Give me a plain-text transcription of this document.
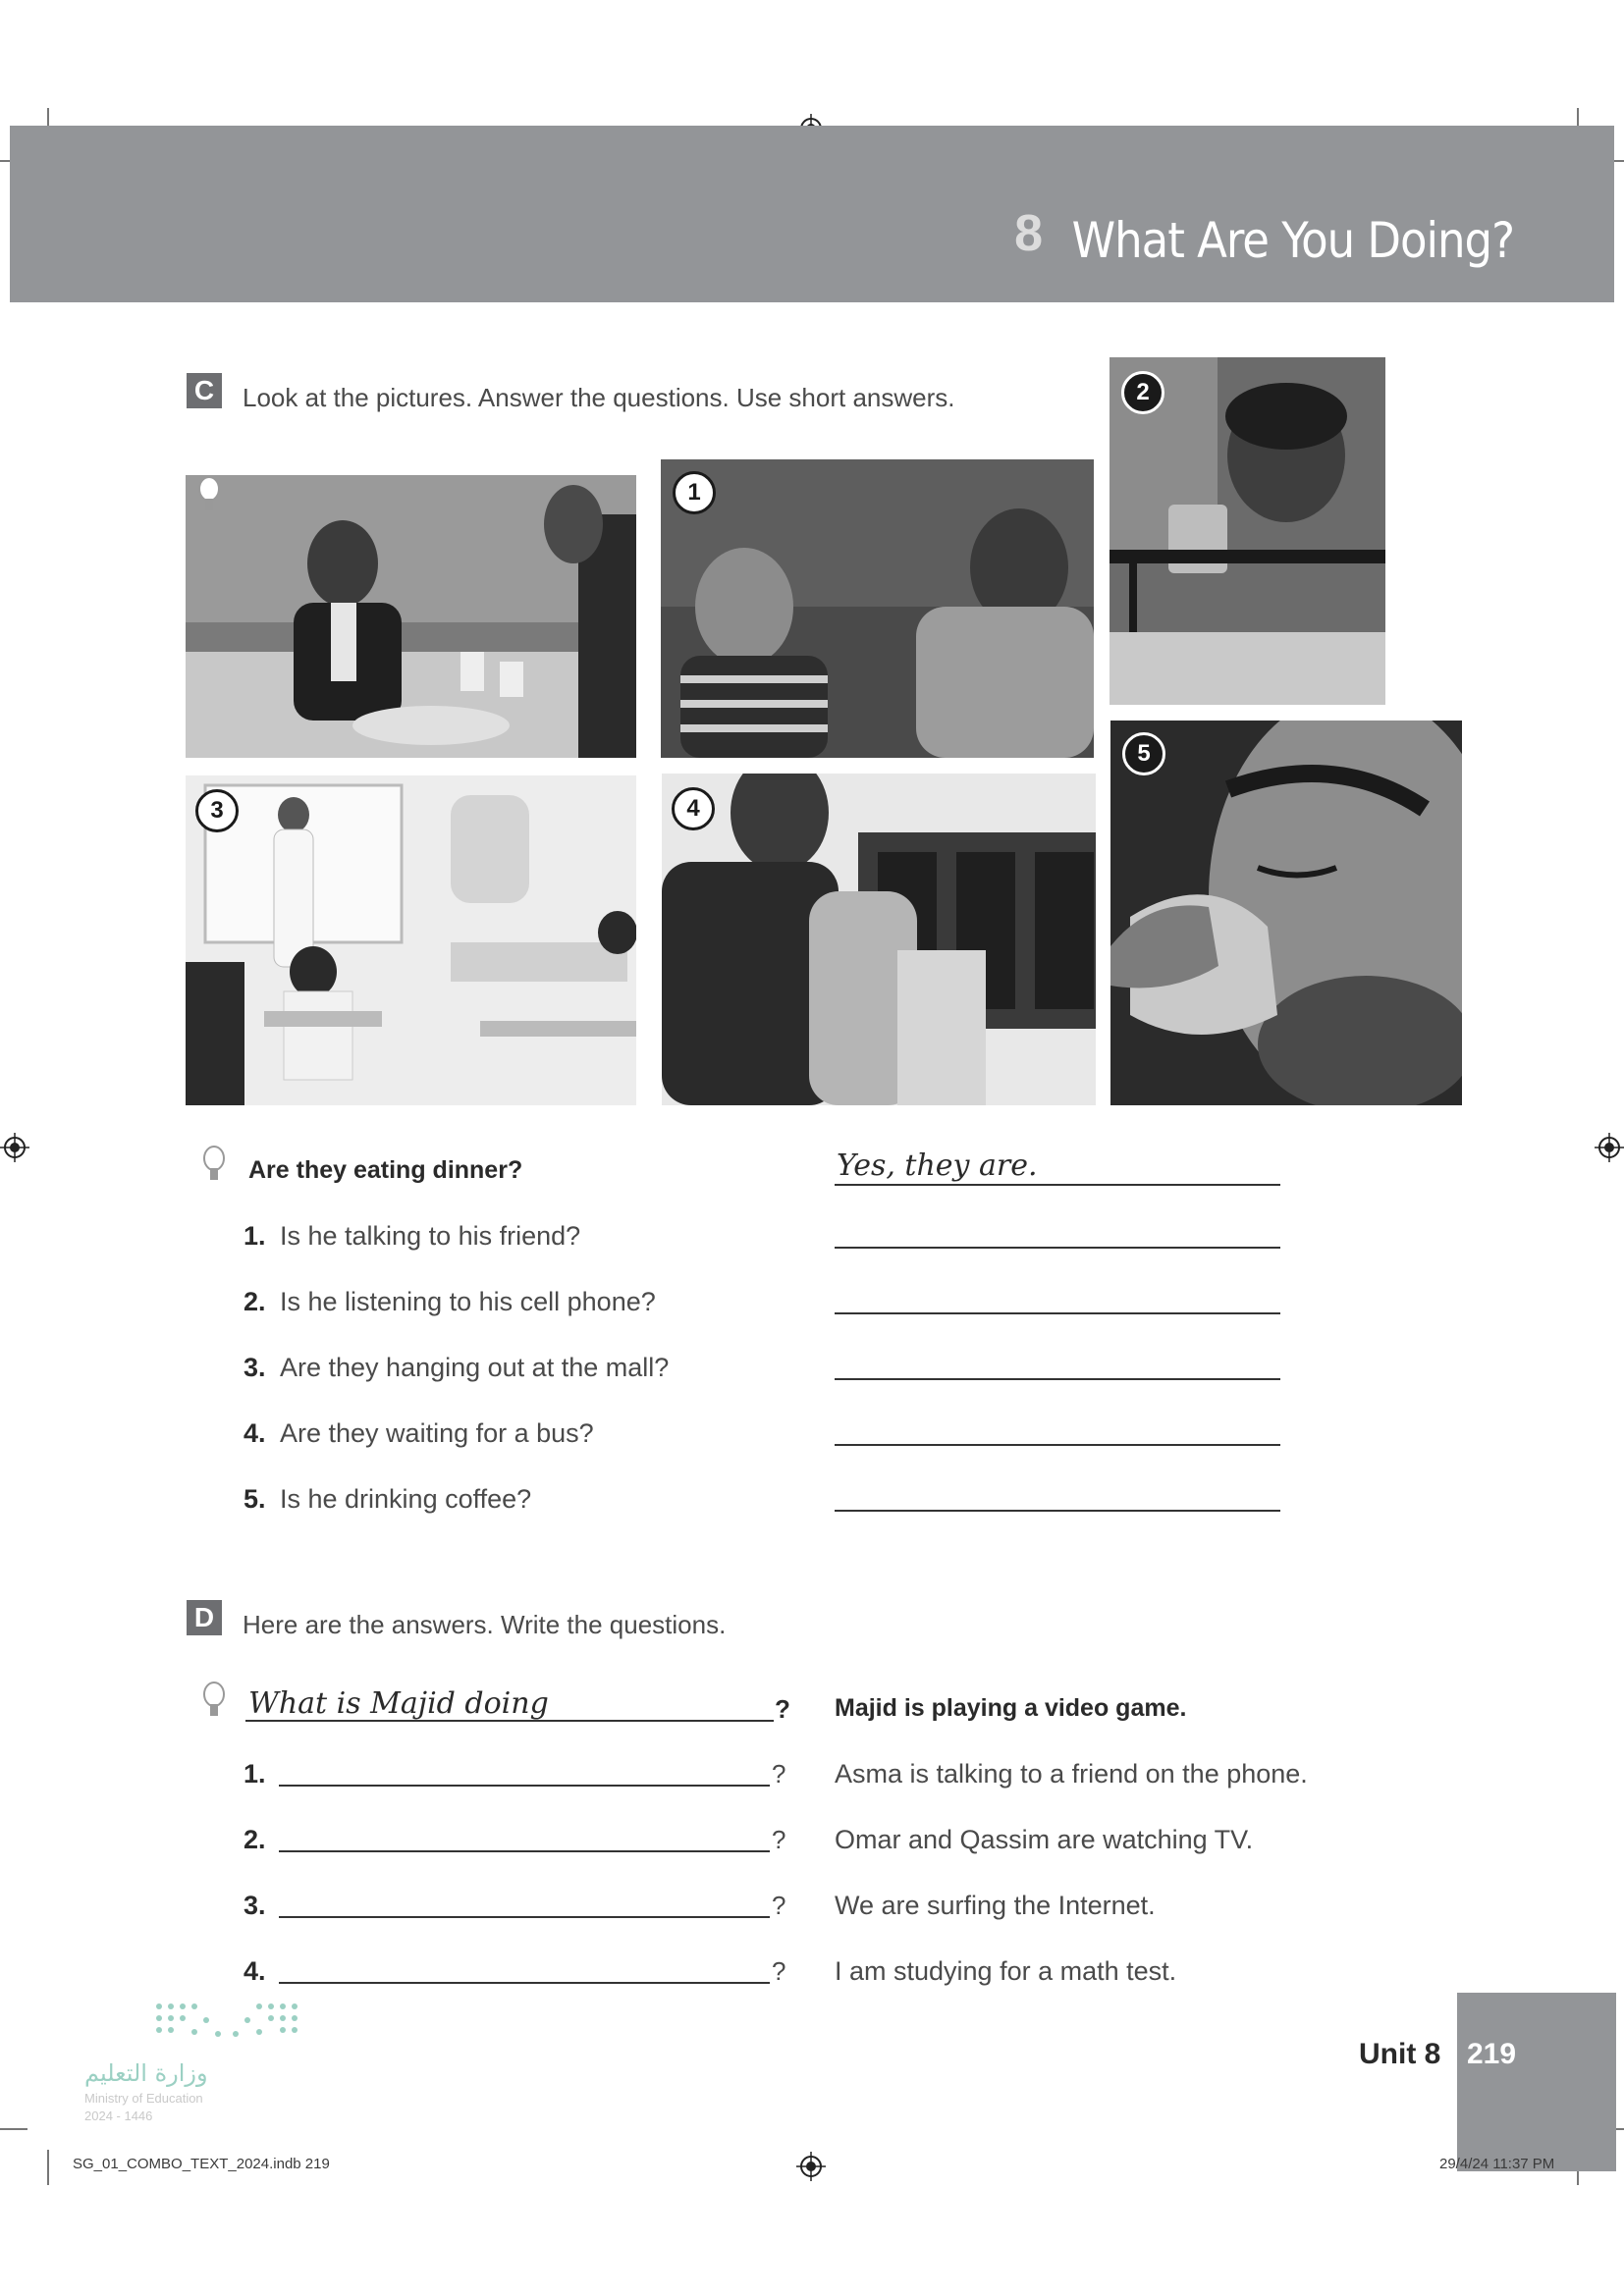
8 What Are You Doing?
C	Look at the pictures. Answer the questions. Use short answers.
1
2
3	4
5
Are they eating dinner?	Yes, they are.
1. Is he talking to his friend?
2. Is he listening to his cell phone?
3. Are they hanging out at the mall?
4. Are they waiting for a bus?
5. Is he drinking coffee?
D	Here are the answers. Write the questions.
What is Majid doing	? Majid is playing a video game.
1.	? Asma is talking to a friend on the phone.
2.	? Omar and Qassim are watching TV.
3.	? We are surfing the Internet.
4.	? I am studying for a math test.
وزارة التعليم
Ministry of Education
2024 - 1446
Unit 8 219
SG_01_COMBO_TEXT_2024.indb 219	29/4/24 11:37 PM
